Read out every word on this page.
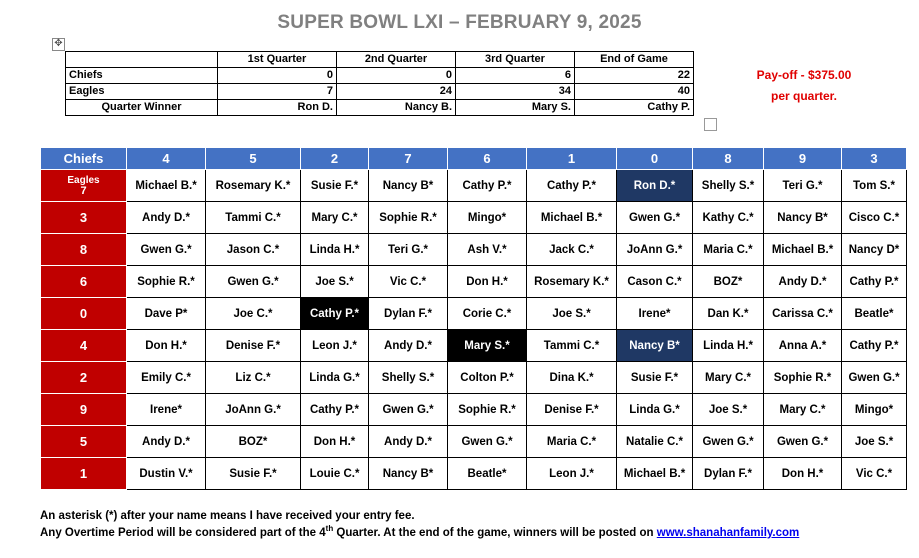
SUPER BOWL LXI – FEBRUARY 9, 2025
✥
	1st Quarter	2nd Quarter	3rd Quarter	End of Game
Chiefs	0	0	6	22
Eagles	7	24	34	40
Quarter Winner	Ron D.	Nancy B.	Mary S.	Cathy P.
Pay-off - $375.00
per quarter.
Chiefs	4	5	2	7	6	1	0	8	9	3

Eagles
7	Michael B.*	Rosemary K.*	Susie F.*	Nancy B*	Cathy P.*	Cathy P.*	Ron D.*	Shelly S.*	Teri G.*	Tom S.*
3	Andy D.*	Tammi C.*	Mary C.*	Sophie R.*	Mingo*	Michael B.*	Gwen G.*	Kathy C.*	Nancy B*	Cisco C.*
8	Gwen G.*	Jason C.*	Linda H.*	Teri G.*	Ash V.*	Jack C.*	JoAnn G.*	Maria C.*	Michael B.*	Nancy D*
6	Sophie R.*	Gwen G.*	Joe S.*	Vic C.*	Don H.*	Rosemary K.*	Cason C.*	BOZ*	Andy D.*	Cathy P.*
0	Dave P*	Joe C.*	Cathy P.*	Dylan F.*	Corie C.*	Joe S.*	Irene*	Dan K.*	Carissa C.*	Beatle*
4	Don H.*	Denise F.*	Leon J.*	Andy D.*	Mary S.*	Tammi C.*	Nancy B*	Linda H.*	Anna A.*	Cathy P.*
2	Emily C.*	Liz C.*	Linda G.*	Shelly S.*	Colton P.*	Dina K.*	Susie F.*	Mary C.*	Sophie R.*	Gwen G.*
9	Irene*	JoAnn G.*	Cathy P.*	Gwen G.*	Sophie R.*	Denise F.*	Linda G.*	Joe S.*	Mary C.*	Mingo*
5	Andy D.*	BOZ*	Don H.*	Andy D.*	Gwen G.*	Maria C.*	Natalie C.*	Gwen G.*	Gwen G.*	Joe S.*
1	Dustin V.*	Susie F.*	Louie C.*	Nancy B*	Beatle*	Leon J.*	Michael B.*	Dylan F.*	Don H.*	Vic C.*
An asterisk (*) after your name means I have received your entry fee.
Any Overtime Period will be considered part of the 4th Quarter. At the end of the game, winners will be posted on www.shanahanfamily.com
